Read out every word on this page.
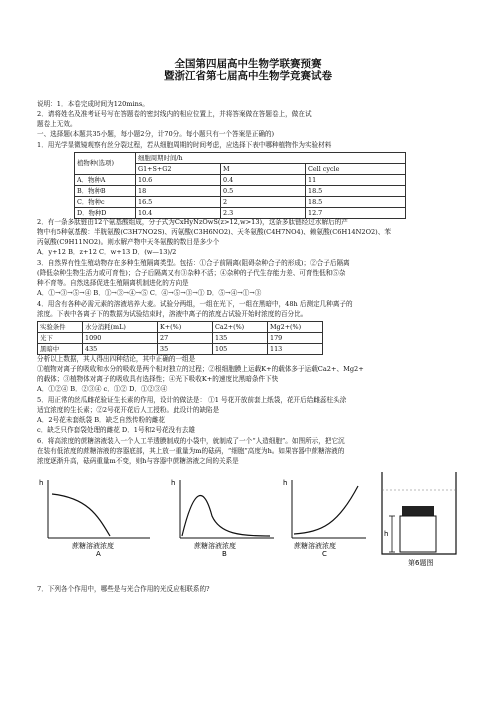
全国第四届高中生物学联赛预赛
暨浙江省第七届高中生物学竞赛试卷
说明：1．本卷完成时间为120mins。
2．请将姓名及准考证号写在答题卷的密封线内的相应位置上，并将答案做在答题卷上，做在试
题卷上无效。
一、选择题(本题共35小题，每小题2分，计70分。每小题只有一个答案是正确的)
1．用光学显微镜观察有丝分裂过程，若从细胞周期的时间考虑，应选择下表中哪种植物作为实验材料
植物种(选项)	细胞周期时间/h		
	G1+S+G2	M	Cell cycle
A．物种A	10.6	0.4	11
B．物种B	18	0.5	18.5
C．物种c	16.5	2	18.5
D．物种D	10.4	2.3	12.7
2．有一条多肽链由12个氨基酸组成，分子式为CxHyNzOwS(z>12,w>13)，这条多肽链经过水解后的产
物中有5种氨基酸：半胱氨酸(C3H7NO2S)、丙氨酸(C3H6NO2)、天冬氨酸(C4H7NO4)、赖氨酸(C6H14N2O2)、苯
丙氨酸(C9H11NO2)。则水解产物中天冬氨酸的数目是多少个
A．y+12 B．z+12 C．w+13 D．(w—13)/2
3．自然界有性生殖动物存在多种生殖隔离类型。包括：①合子前隔离(阻碍杂种合子的形成)；②合子后隔离
(降低杂种生物生活力或可育性)；合子后隔离又有③杂种不活；④杂种的子代生存能力差、可育性低和⑤杂
种不育等。自然选择促进生殖隔离机制进化的方向是
A．①→③→⑤→④ B．①→③→④→⑤ C．④→⑤→③→① D．⑤→④→①→③
4．用含有各种必需元素的溶液培养大麦。试验分两组，一组在光下，一组在黑暗中，48h 后测定几种离子的
浓度。下表中各离子下的数据为试验结束时，溶液中离子的浓度占试验开始时浓度的百分比。
实验条件	水分消耗(mL)	K+(%)	Ca2+(%)	Mg2+(%)
光下	1090	27	135	179
黑暗中	435	35	105	113
分析以上数据，其人得出四种结论，其中正确的一组是
①植物对离子的吸收和水分的吸收是两个相对独立的过程；②根细胞膜上运载K+的载体多于运载Ca2+、Mg2+
的载体；③植物体对离子的吸收具有选择性；④光下吸收K+的速度比黑暗条件下快
A．①②④ B．②③④ c．①② D．①②③④
5．用正常的丝瓜雌花验证生长素的作用，设计的做法是： ①1 号花开放前套上纸袋，花开后给雌蕊柱头涂
适宜浓度的生长素；②2号花开花后人工授粉。此设计的缺陷是
A．2号花未套纸袋 B．缺乏自然传粉的雌花
c．缺乏只作套袋处理的雌花 D．1号和2号花没有去雄
6．将高浓度的蔗糖溶液装入一个人工半透膜制成的小袋中，就制成了一个“人造细胞”。如图所示，把它沉
在装有低浓度的蔗糖溶液的容器底部，其上放一重量为m的砝码，“细胞”高度为h。如果容器中蔗糖溶液的
浓度逐渐升高，砝码重量m不变，则h与容器中蔗糖溶液之间的关系是
h
蔗糖溶液浓度
A
h
蔗糖溶液浓度
B
h
蔗糖溶液浓度
C
h
第6题图
7．下列各个作用中，哪些是与光合作用的光反应相联系的?
